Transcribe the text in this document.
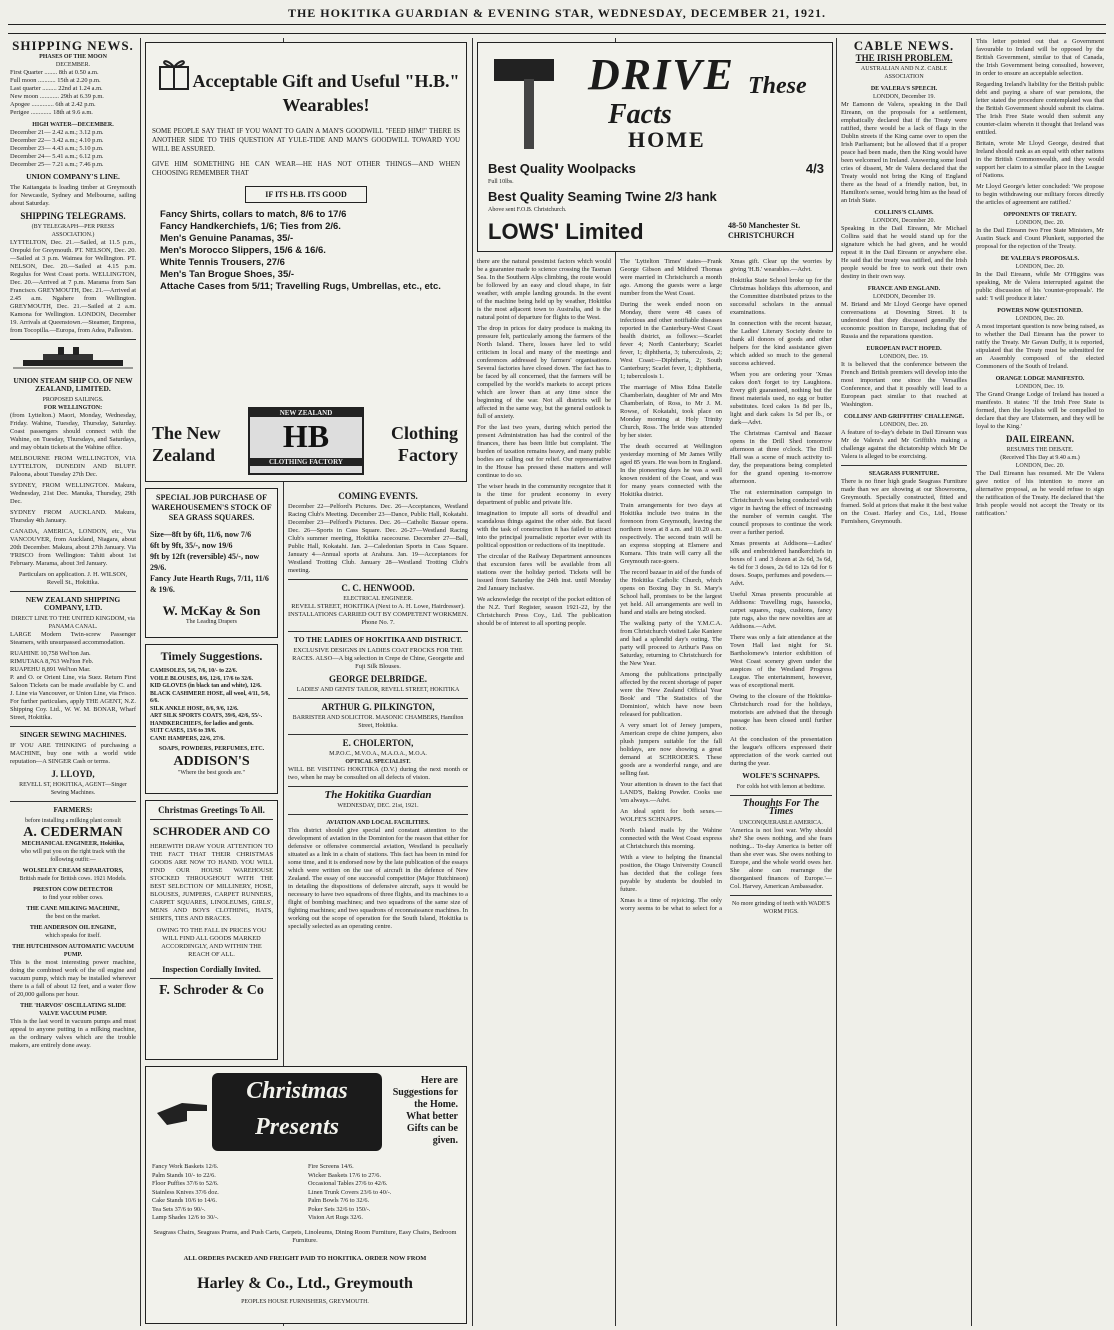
THE HOKITIKA GUARDIAN & EVENING STAR, WEDNESDAY, DECEMBER 21, 1921.
SHIPPING NEWS.
PHASES OF THE MOON
DECEMBER.
First Quarter ........ 8th at 0.50 a.m.
Full moon ........... 15th at 2.20 p.m.
Last quarter ......... 22nd at 1.24 a.m.
New moon ............ 29th at 6.39 p.m.
Apogee .............. 6th at 2.42 p.m.
Perigee ............. 18th at 9.6 a.m.
HIGH WATER—DECEMBER.
December 21— 2.42 a.m.; 3.12 p.m.
December 22— 3.42 a.m.; 4.10 p.m.
December 23— 4.43 a.m.; 5.10 p.m.
December 24— 5.41 a.m.; 6.12 p.m.
December 25— 7.21 a.m.; 7.46 p.m.
UNION COMPANY'S LINE.

The Kaitangata is loading timber at Greymouth for Newcastle, Sydney and Melbourne, sailing about Saturday.

SHIPPING TELEGRAMS.
(BY TELEGRAPH—PER PRESS ASSOCIATION.)

LYTTELTON, Dec. 21.—Sailed, at 11.5 p.m., Orepuki for Greymouth. PT. NELSON, Dec. 20.—Sailed at 3 p.m. Waimea for Wellington. PT. NELSON, Dec. 20.—Sailed at 4.15 p.m. Regulus for West Coast ports. WELLINGTON, Dec. 20.—Arrived at 7 p.m. Marama from San Francisco. GREYMOUTH, Dec. 21.—Arrived at 2.45 a.m. Ngahere from Wellington. GREYMOUTH, Dec. 21.—Sailed at 2 a.m. Kamona for Wellington. LONDON, December 19. Arrivals at Queenstown.—Steamer, Empress, from Tocopilla.—Europa, from Adea, Palleston.

UNION STEAM SHIP CO. OF NEW ZEALAND, LIMITED.
PROPOSED SAILINGS.
FOR WELLINGTON:

(from Lyttelton.) Maori, Monday, Wednesday, Friday. Wahine, Tuesday, Thursday, Saturday. Coast passengers should connect with the Wahine, on Tuesday, Thursdays, and Saturdays, and may obtain tickets at the Wahine office.

MELBOURNE FROM WELLINGTON, VIA LYTTELTON, DUNEDIN AND BLUFF. Paloona, about Tuesday 27th Dec.

SYDNEY, FROM WELLINGTON. Makura, Wednesday, 21st Dec. Manuka, Thursday, 29th Dec.

SYDNEY FROM AUCKLAND. Makura, Thursday 4th January.

CANADA, AMERICA, LONDON, etc., Via VANCOUVER, from Auckland, Niagara, about 20th December. Makura, about 27th January. Via 'FRISCO from Wellington: Tahiti about 1st February. Marama, about 3rd January.

Particulars on application. J. H. WILSON, Revell St., Hokitika.

NEW ZEALAND SHIPPING COMPANY, LTD.
DIRECT LINE TO THE UNITED KINGDOM, via PANAMA CANAL.

LARGE Modern Twin-screw Passenger Steamers, with unsurpassed accommodation.

RUAHINE 10,758 Wel'ton Jan.
RIMUTAKA 8,763 Wel'ton Feb.
RUAPEHU 8,891 Wel'ton Mar.

P. and O. or Orient Line, via Suez. Return First Saloon Tickets can be made available by C. and J. Line via Vancouver, or Union Line, via Frisco. For further particulars, apply THE AGENT, N.Z. Shipping Coy. Ltd., W. W. M. BONAR, Wharf Street, Hokitika.

SINGER SEWING MACHINES.

IF YOU ARE THINKING of purchasing a MACHINE, buy one with a world wide reputation—A SINGER Cash or terms.

J. LLOYD,
REVELL ST, HOKITIKA, AGENT—Singer Sewing Machines.
FARMERS:
before installing a milking plant consult
A. CEDERMAN
MECHANICAL ENGINEER, Hokitika,
who will put you on the right track with the following outfit:—
WOLSELEY CREAM SEPARATORS,
British made for British cows. 1921 Models.
PRESTON COW DETECTOR
to find your robber cows.
THE CANE MILKING MACHINE,
the best on the market.
THE ANDERSON OIL ENGINE,
which speaks for itself.
THE HUTCHINSON AUTOMATIC VACUUM PUMP.

This is the most interesting power machine, doing the combined work of the oil engine and vacuum pump, which may be installed wherever there is a fall of about 12 feet, and a water flow of 20,000 gallons per hour.

THE 'HARVOS' OSCILLATING SLIDE VALVE VACUUM PUMP.

This is the last word in vacuum pumps and must appeal to anyone putting in a milking machine, as the ordinary valves which are the trouble makers, are entirely done away.

Acceptable Gift and Useful "H.B." Wearables!
SOME PEOPLE SAY THAT IF YOU WANT TO GAIN A MAN'S GOODWILL "FEED HIM!" THERE IS ANOTHER SIDE TO THIS QUESTION AT YULE-TIDE AND MAN'S GOODWILL TOWARD YOU WILL BE ASSURED.
GIVE HIM SOMETHING HE CAN WEAR—HE HAS NOT OTHER THINGS—AND WHEN CHOOSING REMEMBER THAT
IF ITS H.B. ITS GOOD
Fancy Shirts, collars to match, 8/6 to 17/6
Fancy Handkerchiefs, 1/6; Ties from 2/6.
Men's Genuine Panamas, 35/-
Men's Morocco Slippers, 15/6 & 16/6.
White Tennis Trousers, 27/6
Men's Tan Brogue Shoes, 35/-
Attache Cases from 5/11; Travelling Rugs, Umbrellas, etc., etc.
The New
Zealand
Clothing
Factory
NEW ZEALAND
HB
CLOTHING FACTORY
SPECIAL JOB PURCHASE OF WAREHOUSEMEN'S STOCK OF SEA GRASS SQUARES.
Size—8ft by 6ft, 11/6, now 7/6
6ft by 9ft, 35/-, now 19/6
9ft by 12ft (reversible) 45/-, now 29/6.
Fancy Jute Hearth Rugs, 7/11, 11/6 & 19/6.
W. McKay & Son
The Leading Drapers
Timely Suggestions.
CAMISOLES, 5/6, 7/6, 10/- to 22/6.
VOILE BLOUSES, 8/6, 12/6, 17/6 to 32/6.
KID GLOVES (in black tan and white), 12/6.
BLACK CASHMERE HOSE, all wool, 4/11, 5/6, 6/6.
SILK ANKLE HOSE, 8/6, 9/6, 12/6.
ART SILK SPORTS COATS, 39/6, 42/6, 55/-.
HANDKERCHIEFS, for ladies and gents.
SUIT CASES, 13/6 to 39/6.
CANE HAMPERS, 22/6, 27/6.
SOAPS, POWDERS, PERFUMES, ETC.
ADDISON'S
"Where the best goods are."
Christmas Greetings To All.
SCHRODER AND CO
HEREWITH DRAW YOUR ATTENTION TO THE FACT THAT THEIR CHRISTMAS GOODS ARE NOW TO HAND. YOU WILL FIND OUR HOUSE WAREHOUSE STOCKED THROUGHOUT WITH THE BEST SELECTION OF MILLINERY, HOSE, BLOUSES, JUMPERS, CARPET RUNNERS, CARPET SQUARES, LINOLEUMS, GIRLS', MENS AND BOYS CLOTHING, HATS, SHIRTS, TIES AND BRACES.
OWING TO THE FALL IN PRICES YOU WILL FIND ALL GOODS MARKED ACCORDINGLY, AND WITHIN THE REACH OF ALL.
Inspection Cordially Invited.
F. Schroder & Co
Christmas
Presents
Here are Suggestions for the Home. What better Gifts can be given.
Fancy Work Baskets 12/6.
Palm Stands 10/- to 22/6.
Floor Puffies 37/6 to 52/6.
Stainless Knives 37/6 doz.
Cake Stands 10/6 to 14/6.
Tea Sets 37/6 to 90/-.
Lamp Shades 12/6 to 30/-.
Fire Screens 14/6.
Wicker Baskets 17/6 to 27/6.
Occasional Tables 27/6 to 42/6.
Linen Trunk Covers 23/6 to 40/-.
Palm Bowls 7/6 to 32/6.
Poker Sets 32/6 to 150/-.
Vision Art Rugs 32/6.
Seagrass Chairs, Seagrass Prams, and Push Carts, Carpets, Linoleums, Dining Room Furniture, Easy Chairs, Bedroom Furniture.
ALL ORDERS PACKED AND FREIGHT PAID TO HOKITIKA. ORDER NOW FROM
Harley & Co., Ltd., Greymouth
PEOPLES HOUSE FURNISHERS, GREYMOUTH.
COMING EVENTS.

December 22—Pelford's Pictures. Dec. 26—Acceptances, Westland Racing Club's Meeting. December 23—Dance, Public Hall, Kokatahi. December 23—Pelford's Pictures. Dec. 26—Catholic Bazaar opens. Dec. 26—Sports in Cass Square. Dec. 26-27—Westland Racing Club's summer meeting, Hokitika racecourse. December 27—Ball, Public Hall, Kokatahi. Jan. 2—Caledonian Sports in Cass Square. January 4—Annual sports at Arahura. Jan. 19—Acceptances for Westland Trotting Club. January 28—Westland Trotting Club's meeting.

C. C. HENWOOD.
ELECTRICAL ENGINEER.

REVELL STREET, HOKITIKA (Next to A. H. Lowe, Hairdresser). INSTALLATIONS CARRIED OUT BY COMPETENT WORKMEN. Phone No. 7.

TO THE LADIES OF HOKITIKA AND DISTRICT.

EXCLUSIVE DESIGNS IN LADIES COAT FROCKS FOR THE RACES. ALSO—A big selection in Crepe de Chine, Georgette and Fuji Silk Blouses.

GEORGE DELBRIDGE.
LADIES' AND GENTS' TAILOR, REVELL STREET, HOKITIKA
ARTHUR G. PILKINGTON,
BARRISTER AND SOLICITOR. MASONIC CHAMBERS, Hamilton Street, Hokitika.
E. CHOLERTON,
M.P.O.C., M.V.O.A., M.A.O.A., M.O.A.
OPTICAL SPECIALIST.

WILL BE VISITING HOKITIKA (D.V.) during the next month or two, when he may be consulted on all defects of vision.

The Hokitika Guardian
WEDNESDAY, DEC. 21st, 1921.
AVIATION AND LOCAL FACILITIES.

This district should give special and constant attention to the development of aviation in the Dominion for the reason that either for defensive or offensive commercial aviation, Westland is peculiarly situated as a link in a chain of stations. This fact has been in mind for some time, and it is endorsed now by the late publication of the essays which were written on the use of aircraft in the defence of New Zealand. The essay of one successful competitor (Major Hutchinson) in detailing the dispositions of defensive aircraft, says it would be necessary to have two squadrons of three flights, and its machines to a flight of bombing machines; and two squadrons of the same size of fighting machines; and two squadrons of reconnaissance machines. In working out the scope of operation for the South Island, Hokitika is specially selected as an operating centre.

DRIVE These
Facts
HOME
Best Quality Woolpacks	4/3
Full 10lbs.
Best Quality Seaming Twine 2/3 hank
Above sent F.O.B. Christchurch.
LOWS' Limited	48-50 Manchester St. CHRISTCHURCH

there are the natural pessimist factors which would be a guarantee made to science crossing the Tasman Sea. In the Southern Alps climbing, the route would be followed by an easy and cloud shape, in fair weather, with ample landing grounds. In the event of the machine being held up by weather, Hokitika is the most adjacent town to Australia, and is the natural point of departure for flights to the West.

The drop in prices for dairy produce is making its pressure felt, particularly among the farmers of the North Island. There, losses have led to wild criticism in local and many of the meetings and conferences addressed by farmers' organisations. Several factories have closed down. The fact has to be faced by all concerned, that the farmers will be compelled by the world's markets to accept prices which are lower than at any time since the beginning of the war. Not all districts will be affected in the same way, but the general outlook is full of anxiety.

For the last two years, during which period the present Administration has had the control of the finances, there has been little but complaint. The burden of taxation remains heavy, and many public bodies are calling out for relief. Our representative in the House has pressed these matters and will continue to do so.

The wiser heads in the community recognize that it is the time for prudent economy in every department of public and private life.

imagination to impute all sorts of dreadful and scandalous things against the other side. But faced with the task of construction it has failed to attract into the principal journalistic reporter ever with its political opposition or reductions of its ineptitude.

The circular of the Railway Department announces that excursion fares will be available from all stations over the holiday period. Tickets will be issued from Saturday the 24th inst. until Monday 2nd January inclusive.

We acknowledge the receipt of the pocket edition of the N.Z. Turf Register, season 1921-22, by the Christchurch Press Coy., Ltd. The publication should be of interest to all sporting people.

The 'Lyttelton Times' states—Frank George Gibson and Mildred Thomas were married in Christchurch a month ago. Among the guests were a large number from the West Coast.

During the week ended noon on Monday, there were 48 cases of infectious and other notifiable diseases reported in the Canterbury-West Coast health district, as follows:—Scarlet fever 4; North Canterbury; Scarlet fever, 1; diphtheria, 3; tuberculosis, 2; West Coast:—Diphtheria, 2; South Canterbury; Scarlet fever, 1; diphtheria, 1; tuberculosis 1.

The marriage of Miss Edna Estelle Chamberlain, daughter of Mr and Mrs Chamberlain, of Ross, to Mr J. M. Rowse, of Kokatahi, took place on Monday morning at Holy Trinity Church, Ross. The bride was attended by her sister.

The death occurred at Wellington yesterday morning of Mr James Willy aged 85 years. He was born in England. In the pioneering days he was a well known resident of the Coast, and was for many years connected with the Hokitika district.

Train arrangements for two days at Hokitika include two trains in the forenoon from Greymouth, leaving the northern town at 8 a.m. and 10.20 a.m. respectively. The second train will be an express stopping at Elsmere and Kumara. This train will carry all the Greymouth race-goers.

The record bazaar in aid of the funds of the Hokitika Catholic Church, which opens on Boxing Day in St. Mary's School hall, promises to be the largest yet held. All arrangements are well in hand and stalls are being stocked.

The walking party of the Y.M.C.A. from Christchurch visited Lake Kaniere and had a splendid day's outing. The party will proceed to Arthur's Pass on Saturday, returning to Christchurch for the New Year.

Among the publications principally affected by the recent shortage of paper were the 'New Zealand Official Year Book' and 'The Statistics of the Dominion', which have now been released for publication.

A very smart lot of Jersey jumpers, American crepe de chine jumpers, also plush jumpers suitable for the fall holidays, are now showing a great demand at SCHRODER'S. These goods are a wonderful range, and are selling fast.

Your attention is drawn to the fact that LAND'S, Baking Powder. Cooks use 'em always.—Advt.

An ideal spirit for both sexes.—WOLFE'S SCHNAPPS.

North Island mails by the Wahine connected with the West Coast express at Christchurch this morning.

With a view to helping the financial position, the Otago University Council has decided that the college fees payable by students be doubled in future.

Xmas is a time of rejoicing. The only worry seems to be what to select for a Xmas gift. Clear up the worries by giving 'H.B.' wearables.—Advt.

Hokitika State School broke up for the Christmas holidays this afternoon, and the Committee distributed prizes to the successful scholars in the annual examinations.

In connection with the recent bazaar, the Ladies' Literary Society desire to thank all donors of goods and other helpers for the kind assistance given which added so much to the general success achieved.

When you are ordering your 'Xmas cakes don't forget to try Laughtons. Every gift guaranteed, nothing but the finest materials used, no egg or butter substitutes. Iced cakes 1s 8d per lb., light and dark cakes 1s 5d per lb., or dark—Advt.

The Christmas Carnival and Bazaar opens in the Drill Shed tomorrow afternoon at three o'clock. The Drill Hall was a scene of much activity to-day, the preparations being completed for the grand opening to-morrow afternoon.

The rat extermination campaign in Christchurch was being conducted with vigor in having the effect of increasing the number of vermin caught. The council proposes to continue the work over a further period.

Xmas presents at Addisons—Ladies' silk and embroidered handkerchiefs in boxes of 1 and 3 dozen at 2s 6d, 3s 6d, 4s 6d for 3 doses, 2s 6d to 12s 6d for 6 doses. Soaps, perfumes and powders.—Advt.

Useful Xmas presents procurable at Addisons: Travelling rugs, hassocks, carpet squares, rugs, cushions, fancy jute rugs, also the new novelties are at Addisons.—Advt.

There was only a fair attendance at the Town Hall last night for St. Bartholomew's interior exhibition of West Coast scenery given under the auspices of the Westland Progress League. The entertainment, however, was of exceptional merit.

Owing to the closure of the Hokitika-Christchurch road for the holidays, motorists are advised that the through passage has been closed until further notice.

At the conclusion of the presentation the league's officers expressed their appreciation of the work carried out during the year.

WOLFE'S SCHNAPPS.
For colds hot with lemon at bedtime.
Thoughts For The Times
UNCONQUERABLE AMERICA.

'America is not lost war. Why should she? She owes nothing, and she fears nothing... To-day America is better off than she ever was. She owes nothing to Europe, and the whole world owes her. She alone can rearrange the disorganised finances of Europe.'—Col. Harvey, American Ambassador.

No more grinding of teeth with WADE'S WORM FIGS.
CABLE NEWS.
THE IRISH PROBLEM.
AUSTRALIAN AND N.Z. CABLE ASSOCIATION
DE VALERA'S SPEECH.
LONDON, December 19.

Mr Eamonn de Valera, speaking in the Dail Eireann, on the proposals for a settlement, emphatically declared that if the Treaty were ratified, there would be a lack of flags in the Dublin streets if the King came over to open the Irish Parliament; but he allowed that if a proper peace had been made, then the King would have been welcomed in Ireland. Answering some loud cries of dissent, Mr de Valera declared that the Treaty would not bring the King of England there as the head of a friendly nation, but, in Hamilton's sense, would bring him as the head of an Irish State.

COLLINS'S CLAIMS.
LONDON, December 20.

Speaking in the Dail Eireann, Mr Michael Collins said that he would stand up for the signature which he had given, and he would repeat it in the Dail Eireann or anywhere else. He said that the treaty was ratified, and the Irish people would be free to work out their own destiny in their own way.

FRANCE AND ENGLAND.
LONDON, December 19.

M. Briand and Mr Lloyd George have opened conversations at Downing Street. It is understood that they discussed generally the economic position in Europe, including that of Russia and the reparations question.

EUROPEAN PACT HOPED.
LONDON, Dec. 19.

It is believed that the conference between the French and British premiers will develop into the most important one since the Versailles Conference, and that it possibly will lead to a European pact similar to that reached at Washington.

COLLINS' AND GRIFFITHS' CHALLENGE.
LONDON, Dec. 20.

A feature of to-day's debate in Dail Eireann was Mr de Valera's and Mr Griffith's making a challenge against the dictatorship which Mr De Valera is alleged to be exercising.

SEAGRASS FURNITURE.

There is no finer high grade Seagrass Furniture made than we are showing at our Showrooms, Greymouth. Specially constructed, fitted and framed. Sold at prices that make it the best value on the Coast. Harley and Co., Ltd., House Furnishers, Greymouth.

This letter pointed out that a Government favourable to Ireland will be opposed by the British Government, similar to that of Canada, the Irish Government being consulted, however, in order to ensure an acceptable selection.

Regarding Ireland's liability for the British public debt and paying a share of war pensions, the letter stated the procedure contemplated was that the British Government should submit its claims. The Irish Free State would then submit any counter-claim wherein it thought that Ireland was entitled.

Britain, wrote Mr Lloyd George, desired that Ireland should rank as an equal with other nations in the British Commonwealth, and they would support her claim to a similar place in the League of Nations.

Mr Lloyd George's letter concluded: 'We propose to begin withdrawing our military forces directly the articles of agreement are ratified.'

OPPONENTS OF TREATY.
LONDON, Dec. 20.

In the Dail Eireann two Free State Ministers, Mr Austin Stack and Count Plunkett, supported the proposal for the rejection of the Treaty.

DE VALERA'S PROPOSALS.
LONDON, Dec. 20.

In the Dail Eireann, while Mr O'Higgins was speaking, Mr de Valera interrupted against the public discussion of his 'counter-proposals'. He said: 'I will produce it later.'

POWERS NOW QUESTIONED.
LONDON, Dec. 20.

A most important question is now being raised, as to whether the Dail Eireann has the power to ratify the Treaty. Mr Gavan Duffy, it is reported, stipulated that the Treaty must be submitted for an Assembly composed of the elected Commoners of the South of Ireland.

ORANGE LODGE MANIFESTO.
LONDON, Dec. 19.

The Grand Orange Lodge of Ireland has issued a manifesto. It states: 'If the Irish Free State is formed, then the loyalists will be compelled to declare that they are Ulstermen, and they will be loyal to the King.'

DAIL EIREANN.
RESUMES THE DEBATE.
(Received This Day at 9.40 a.m.)
LONDON, Dec. 20.

The Dail Eireann has resumed. Mr De Valera gave notice of his intention to move an alternative proposal, as he would refuse to sign the ratification of the Treaty. He declared that 'the Irish people would not accept the Treaty or its ratification.'
